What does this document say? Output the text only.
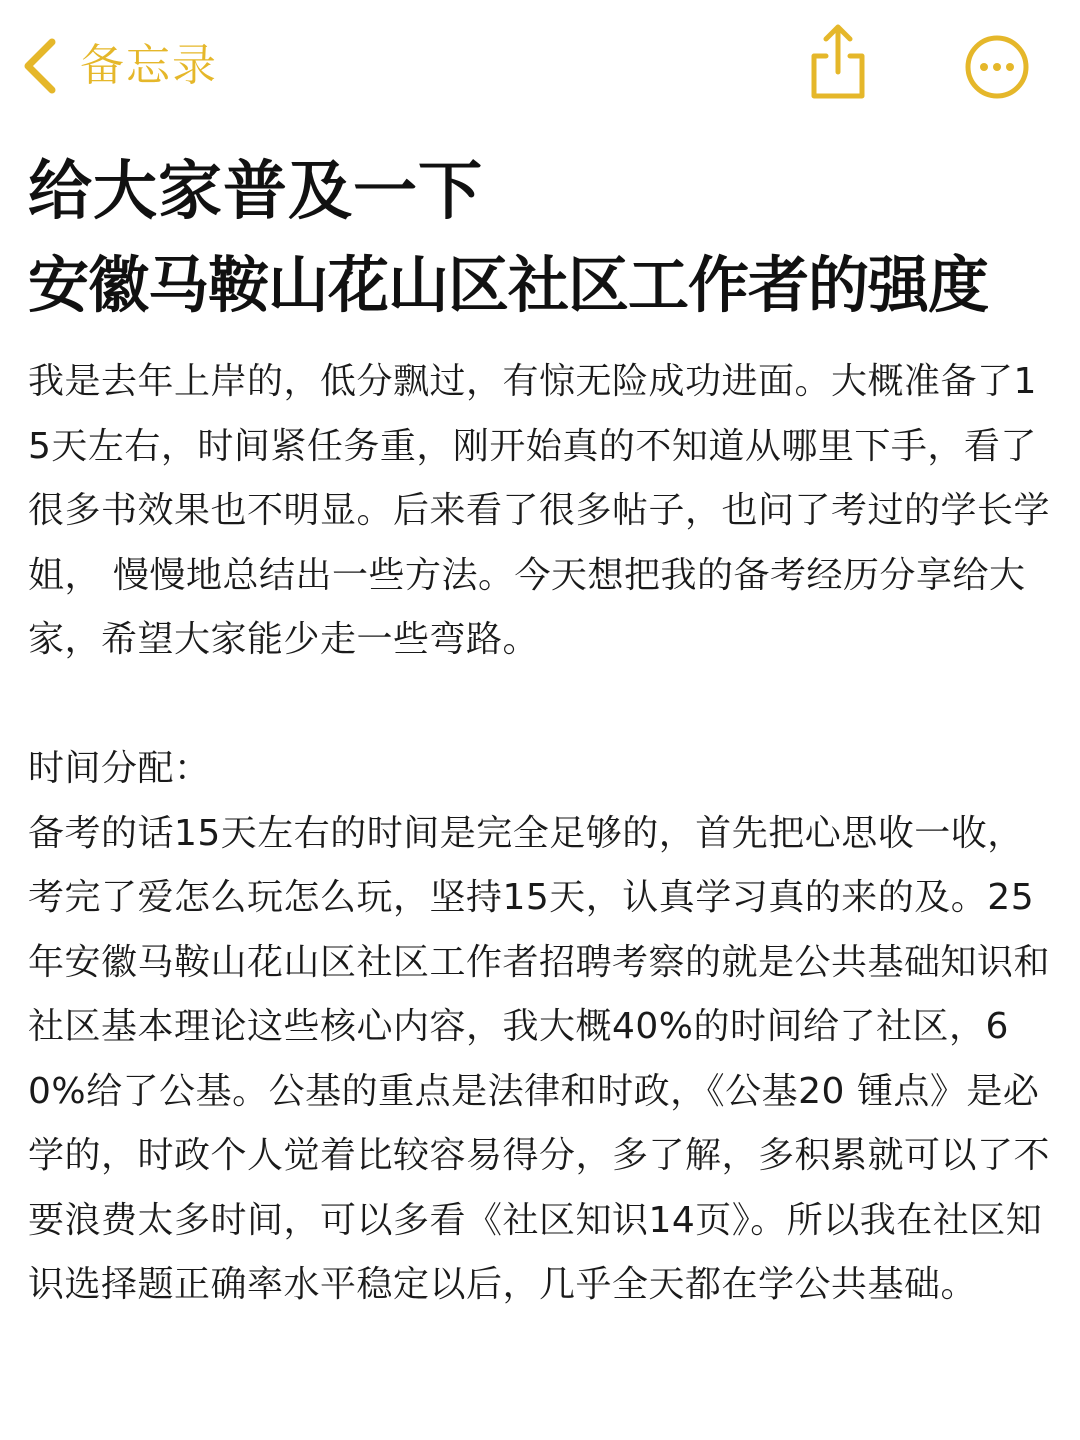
备忘录
给大家普及一下
安徽马鞍山花山区社区工作者的强度

我是去年上岸的，低分飘过，有惊无险成功进面。大概准备了15天左右，时间紧任务重，刚开始真的不知道从哪里下手，看了很多书效果也不明显。后来看了很多帖子，也问了考过的学长学姐， 慢慢地总结出一些方法。今天想把我的备考经历分享给大家，希望大家能少走一些弯路。

时间分配：

备考的话15天左右的时间是完全足够的，首先把心思收一收，考完了爱怎么玩怎么玩，坚持15天，认真学习真的来的及。25年安徽马鞍山花山区社区工作者招聘考察的就是公共基础知识和社区基本理论这些核心内容，我大概40%的时间给了社区，60%给了公基。公基的重点是法律和时政，《公基20 锺点》是必学的，时政个人觉着比较容易得分，多了解，多积累就可以了不要浪费太多时间，可以多看《社区知识14页》。所以我在社区知识选择题正确率水平稳定以后，几乎全天都在学公共基础。
